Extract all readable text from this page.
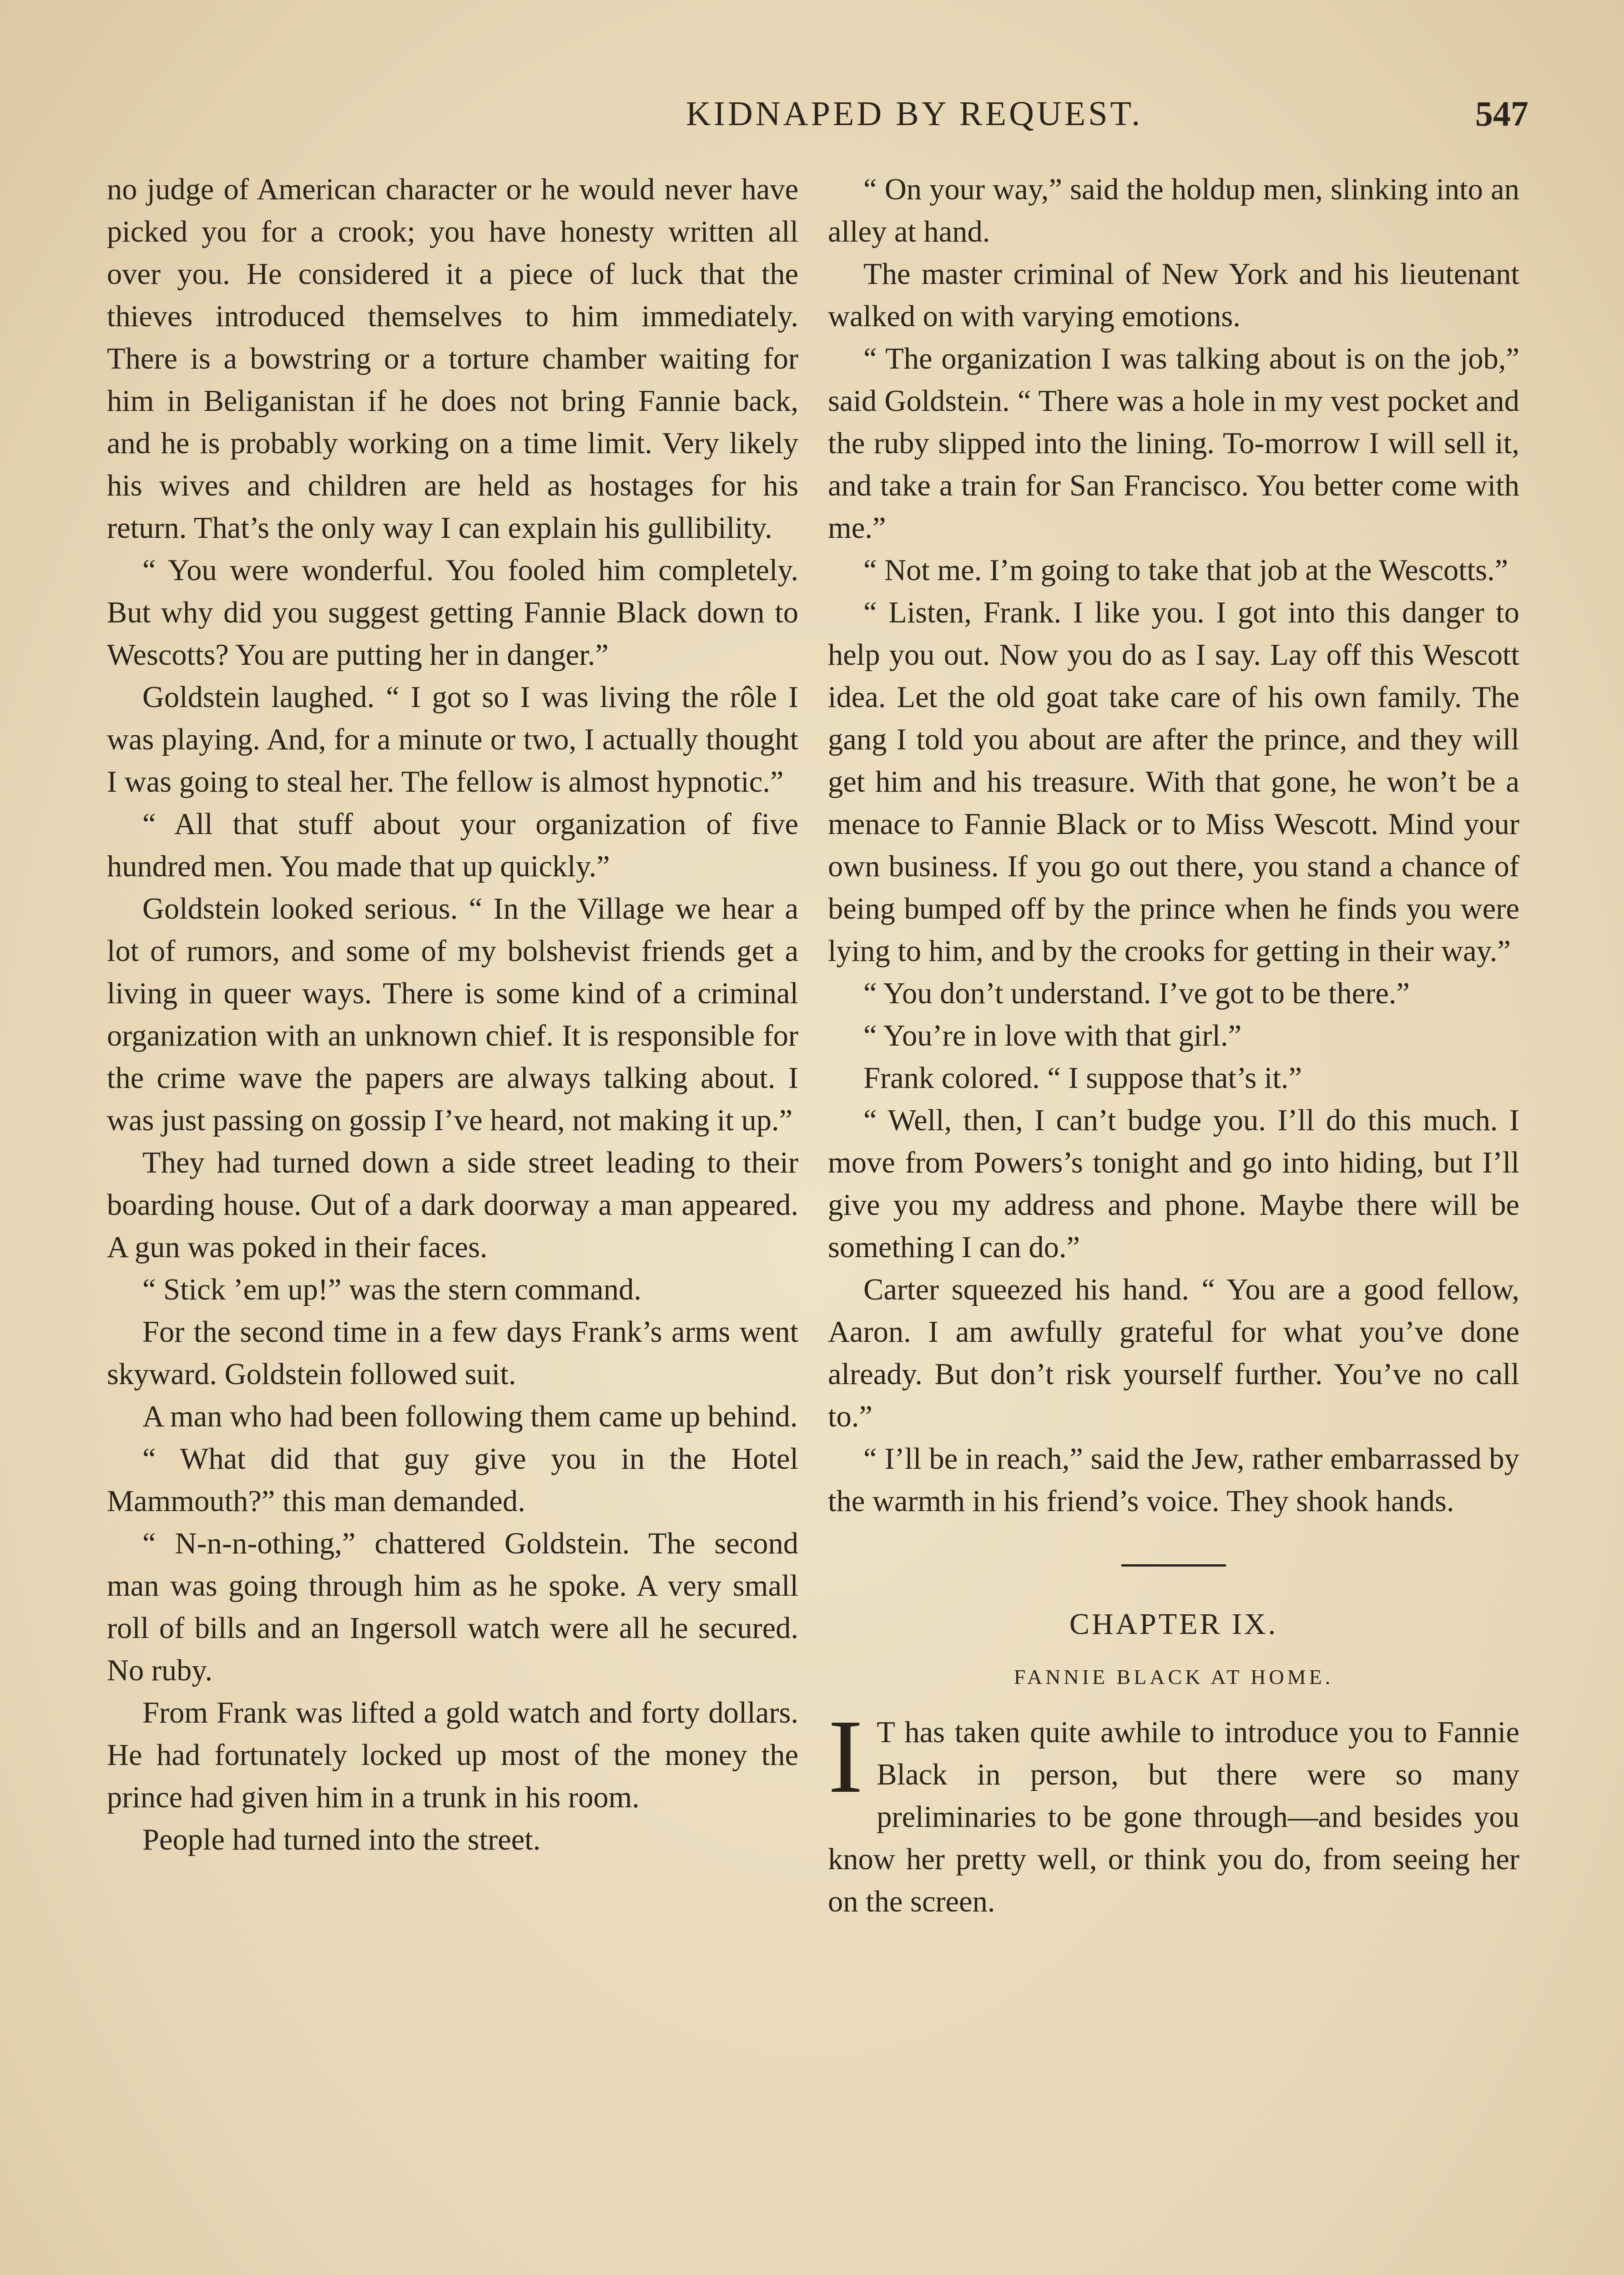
KIDNAPED BY REQUEST.	547

no judge of American character or he would never have picked you for a crook; you have honesty written all over you. He considered it a piece of luck that the thieves introduced themselves to him immediately. There is a bowstring or a torture chamber waiting for him in Beliganistan if he does not bring Fannie back, and he is probably working on a time limit. Very likely his wives and children are held as hostages for his return. That’s the only way I can explain his gullibility.

“ You were wonderful. You fooled him completely. But why did you suggest getting Fannie Black down to Wescotts? You are putting her in danger.”

Goldstein laughed. “ I got so I was living the rôle I was playing. And, for a minute or two, I actually thought I was going to steal her. The fellow is almost hypnotic.”

“ All that stuff about your organization of five hundred men. You made that up quickly.”

Goldstein looked serious. “ In the Village we hear a lot of rumors, and some of my bolshevist friends get a living in queer ways. There is some kind of a criminal organization with an unknown chief. It is responsible for the crime wave the papers are always talking about. I was just passing on gossip I’ve heard, not making it up.”

They had turned down a side street leading to their boarding house. Out of a dark doorway a man appeared. A gun was poked in their faces.

“ Stick ’em up!” was the stern command.

For the second time in a few days Frank’s arms went skyward. Goldstein followed suit.

A man who had been following them came up behind.

“ What did that guy give you in the Hotel Mammouth?” this man demanded.

“ N-n-n-othing,” chattered Goldstein. The second man was going through him as he spoke. A very small roll of bills and an Ingersoll watch were all he secured. No ruby.

From Frank was lifted a gold watch and forty dollars. He had fortunately locked up most of the money the prince had given him in a trunk in his room.

People had turned into the street.

“ On your way,” said the holdup men, slinking into an alley at hand.

The master criminal of New York and his lieutenant walked on with varying emotions.

“ The organization I was talking about is on the job,” said Goldstein. “ There was a hole in my vest pocket and the ruby slipped into the lining. To-morrow I will sell it, and take a train for San Francisco. You better come with me.”

“ Not me. I’m going to take that job at the Wescotts.”

“ Listen, Frank. I like you. I got into this danger to help you out. Now you do as I say. Lay off this Wescott idea. Let the old goat take care of his own family. The gang I told you about are after the prince, and they will get him and his treasure. With that gone, he won’t be a menace to Fannie Black or to Miss Wescott. Mind your own business. If you go out there, you stand a chance of being bumped off by the prince when he finds you were lying to him, and by the crooks for getting in their way.”

“ You don’t understand. I’ve got to be there.”

“ You’re in love with that girl.”

Frank colored. “ I suppose that’s it.”

“ Well, then, I can’t budge you. I’ll do this much. I move from Powers’s tonight and go into hiding, but I’ll give you my address and phone. Maybe there will be something I can do.”

Carter squeezed his hand. “ You are a good fellow, Aaron. I am awfully grateful for what you’ve done already. But don’t risk yourself further. You’ve no call to.”

“ I’ll be in reach,” said the Jew, rather embarrassed by the warmth in his friend’s voice. They shook hands.

CHAPTER IX.
FANNIE BLACK AT HOME.

I T has taken quite awhile to introduce you to Fannie Black in person, but there were so many preliminaries to be gone through—and besides you know her pretty well, or think you do, from seeing her on the screen.
